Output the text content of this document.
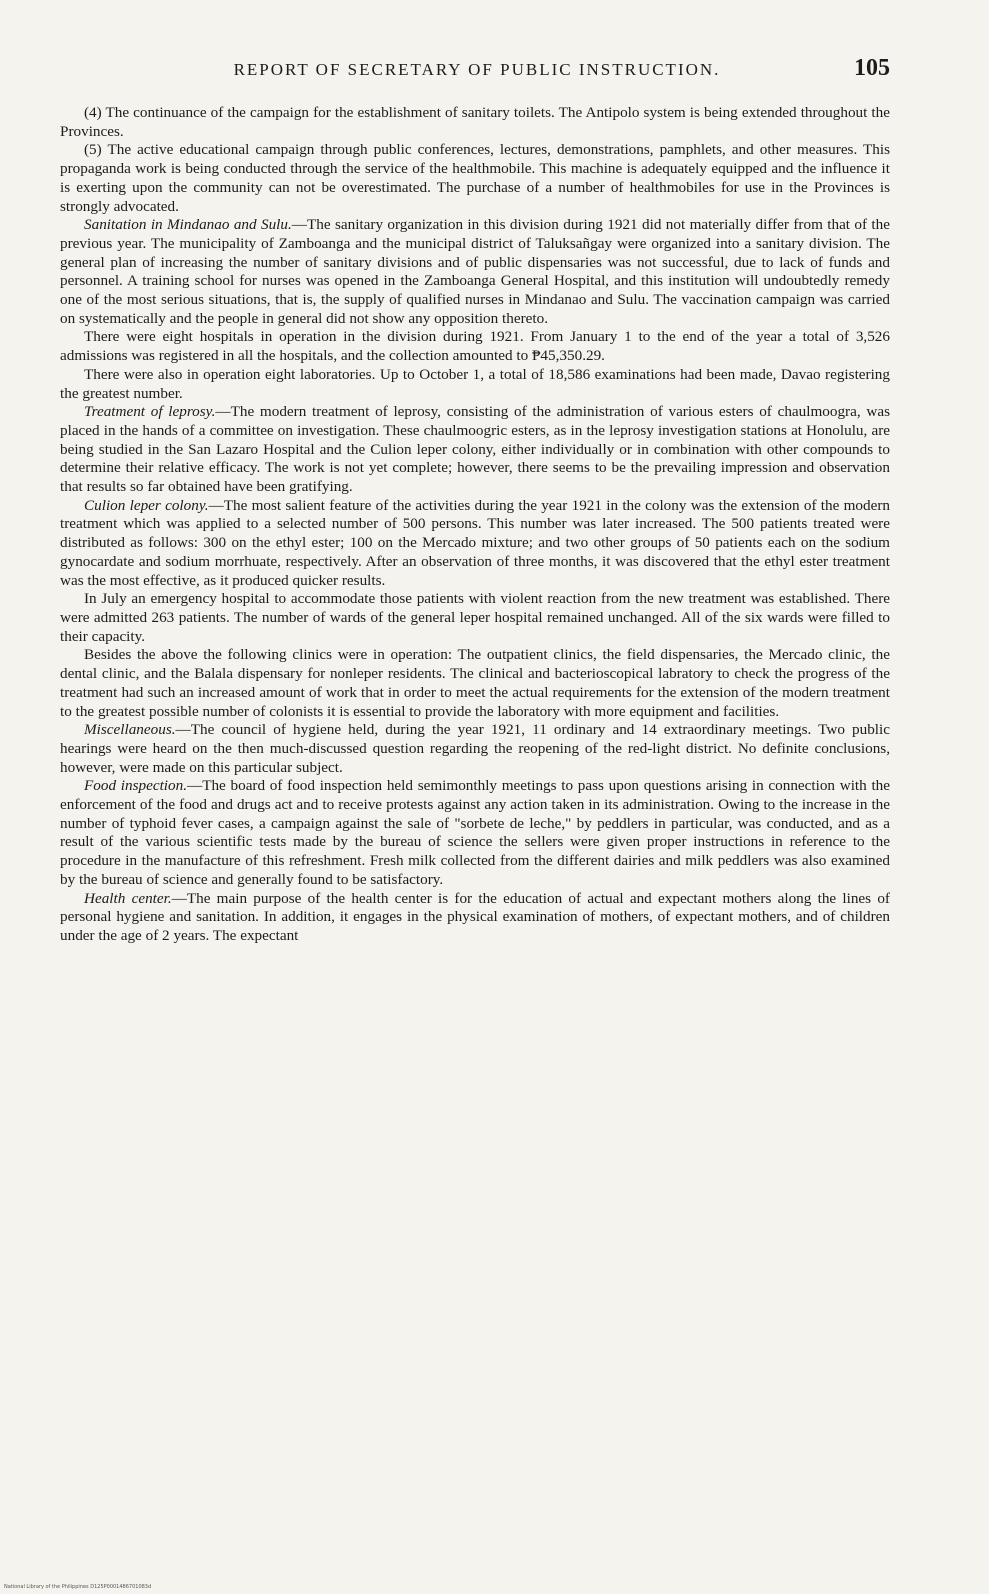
REPORT OF SECRETARY OF PUBLIC INSTRUCTION.	105

(4) The continuance of the campaign for the establishment of sanitary toilets. The Antipolo system is being extended throughout the Provinces.

(5) The active educational campaign through public conferences, lectures, demonstrations, pamphlets, and other measures. This propaganda work is being conducted through the service of the healthmobile. This machine is adequately equipped and the influence it is exerting upon the community can not be overestimated. The purchase of a number of healthmobiles for use in the Provinces is strongly advocated.

Sanitation in Mindanao and Sulu.—The sanitary organization in this division during 1921 did not materially differ from that of the previous year. The municipality of Zamboanga and the municipal district of Taluksañgay were organized into a sanitary division. The general plan of increasing the number of sanitary divisions and of public dispensaries was not successful, due to lack of funds and personnel. A training school for nurses was opened in the Zamboanga General Hospital, and this institution will undoubtedly remedy one of the most serious situations, that is, the supply of qualified nurses in Mindanao and Sulu. The vaccination campaign was carried on systematically and the people in general did not show any opposition thereto.

There were eight hospitals in operation in the division during 1921. From January 1 to the end of the year a total of 3,526 admissions was registered in all the hospitals, and the collection amounted to ₱45,350.29.

There were also in operation eight laboratories. Up to October 1, a total of 18,586 examinations had been made, Davao registering the greatest number.

Treatment of leprosy.—The modern treatment of leprosy, consisting of the administration of various esters of chaulmoogra, was placed in the hands of a committee on investigation. These chaulmoogric esters, as in the leprosy investigation stations at Honolulu, are being studied in the San Lazaro Hospital and the Culion leper colony, either individually or in combination with other compounds to determine their relative efficacy. The work is not yet complete; however, there seems to be the prevailing impression and observation that results so far obtained have been gratifying.

Culion leper colony.—The most salient feature of the activities during the year 1921 in the colony was the extension of the modern treatment which was applied to a selected number of 500 persons. This number was later increased. The 500 patients treated were distributed as follows: 300 on the ethyl ester; 100 on the Mercado mixture; and two other groups of 50 patients each on the sodium gynocardate and sodium morrhuate, respectively. After an observation of three months, it was discovered that the ethyl ester treatment was the most effective, as it produced quicker results.

In July an emergency hospital to accommodate those patients with violent reaction from the new treatment was established. There were admitted 263 patients. The number of wards of the general leper hospital remained unchanged. All of the six wards were filled to their capacity.

Besides the above the following clinics were in operation: The outpatient clinics, the field dispensaries, the Mercado clinic, the dental clinic, and the Balala dispensary for nonleper residents. The clinical and bacterioscopical labratory to check the progress of the treatment had such an increased amount of work that in order to meet the actual requirements for the extension of the modern treatment to the greatest possible number of colonists it is essential to provide the laboratory with more equipment and facilities.

Miscellaneous.—The council of hygiene held, during the year 1921, 11 ordinary and 14 extraordinary meetings. Two public hearings were heard on the then much-discussed question regarding the reopening of the red-light district. No definite conclusions, however, were made on this particular subject.

Food inspection.—The board of food inspection held semimonthly meetings to pass upon questions arising in connection with the enforcement of the food and drugs act and to receive protests against any action taken in its administration. Owing to the increase in the number of typhoid fever cases, a campaign against the sale of "sorbete de leche," by peddlers in particular, was conducted, and as a result of the various scientific tests made by the bureau of science the sellers were given proper instructions in reference to the procedure in the manufacture of this refreshment. Fresh milk collected from the different dairies and milk peddlers was also examined by the bureau of science and generally found to be satisfactory.

Health center.—The main purpose of the health center is for the education of actual and expectant mothers along the lines of personal hygiene and sanitation. In addition, it engages in the physical examination of mothers, of expectant mothers, and of children under the age of 2 years. The expectant

National Library of the Philippines D125P0001486701083d
